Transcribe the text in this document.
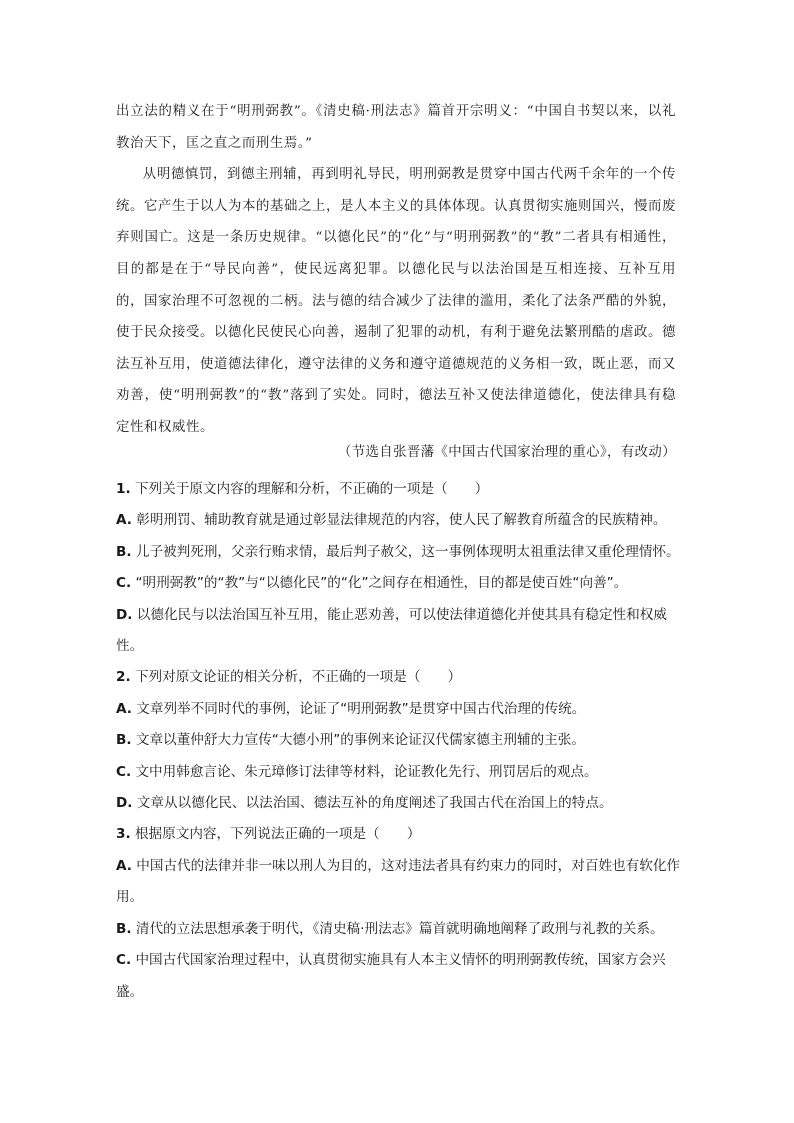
出立法的精义在于“明刑弼教”。《清史稿·刑法志》篇首开宗明义：“中国自书契以来，以礼教治天下，匡之直之而刑生焉。”

从明德慎罚，到德主刑辅，再到明礼导民，明刑弼教是贯穿中国古代两千余年的一个传统。它产生于以人为本的基础之上，是人本主义的具体体现。认真贯彻实施则国兴，慢而废弃则国亡。这是一条历史规律。“以德化民”的“化”与“明刑弼教”的“教”二者具有相通性，目的都是在于“导民向善”，使民远离犯罪。以德化民与以法治国是互相连接、互补互用的，国家治理不可忽视的二柄。法与德的结合减少了法律的滥用，柔化了法条严酷的外貌，使于民众接受。以德化民使民心向善，遏制了犯罪的动机，有利于避免法繁刑酷的虐政。德法互补互用，使道德法律化，遵守法律的义务和遵守道德规范的义务相一致，既止恶，而又劝善，使“明刑弼教”的“教”落到了实处。同时，德法互补又使法律道德化，使法律具有稳定性和权威性。

（节选自张晋藩《中国古代国家治理的重心》，有改动）

1. 下列关于原文内容的理解和分析，不正确的一项是（　　）

A. 彰明刑罚、辅助教育就是通过彰显法律规范的内容，使人民了解教育所蕴含的民族精神。

B. 儿子被判死刑，父亲行贿求情，最后判子赦父，这一事例体现明太祖重法律又重伦理情怀。

C. “明刑弼教”的“教”与“以德化民”的“化”之间存在相通性，目的都是使百姓“向善”。

D. 以德化民与以法治国互补互用，能止恶劝善，可以使法律道德化并使其具有稳定性和权威性。

2. 下列对原文论证的相关分析，不正确的一项是（　　）

A. 文章列举不同时代的事例，论证了“明刑弼教”是贯穿中国古代治理的传统。

B. 文章以董仲舒大力宣传“大德小刑”的事例来论证汉代儒家德主刑辅的主张。

C. 文中用韩愈言论、朱元璋修订法律等材料，论证教化先行、刑罚居后的观点。

D. 文章从以德化民、以法治国、德法互补的角度阐述了我国古代在治国上的特点。

3. 根据原文内容，下列说法正确的一项是（　　）

A. 中国古代的法律并非一味以刑人为目的，这对违法者具有约束力的同时，对百姓也有软化作用。

B. 清代的立法思想承袭于明代，《清史稿·刑法志》篇首就明确地阐释了政刑与礼教的关系。

C. 中国古代国家治理过程中，认真贯彻实施具有人本主义情怀的明刑弼教传统，国家方会兴盛。
